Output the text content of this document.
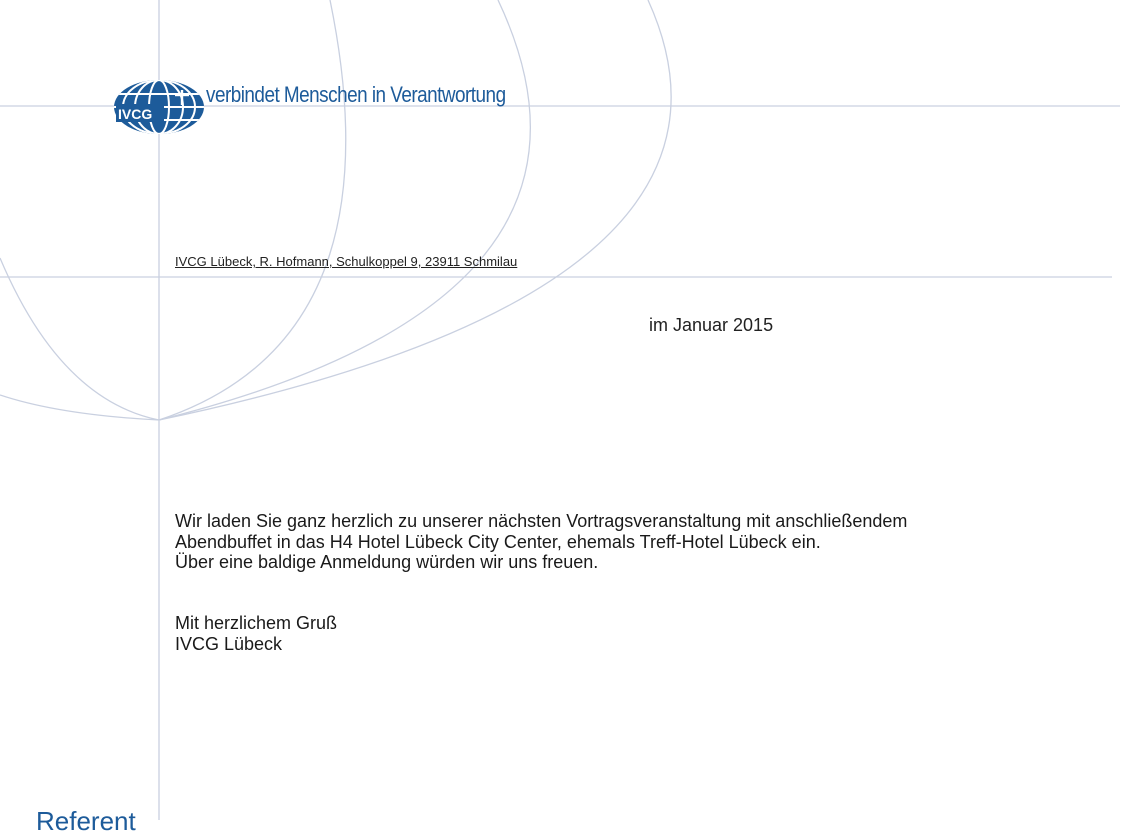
IVCG
verbindet Menschen in Verantwortung
IVCG Lübeck, R. Hofmann, Schulkoppel 9, 23911 Schmilau
im Januar 2015
Wir laden Sie ganz herzlich zu unserer nächsten Vortragsveranstaltung mit anschließendem
Abendbuffet in das H4 Hotel Lübeck City Center, ehemals Treff-Hotel Lübeck ein.
Über eine baldige Anmeldung würden wir uns freuen.
Mit herzlichem Gruß
IVCG Lübeck
Referent
